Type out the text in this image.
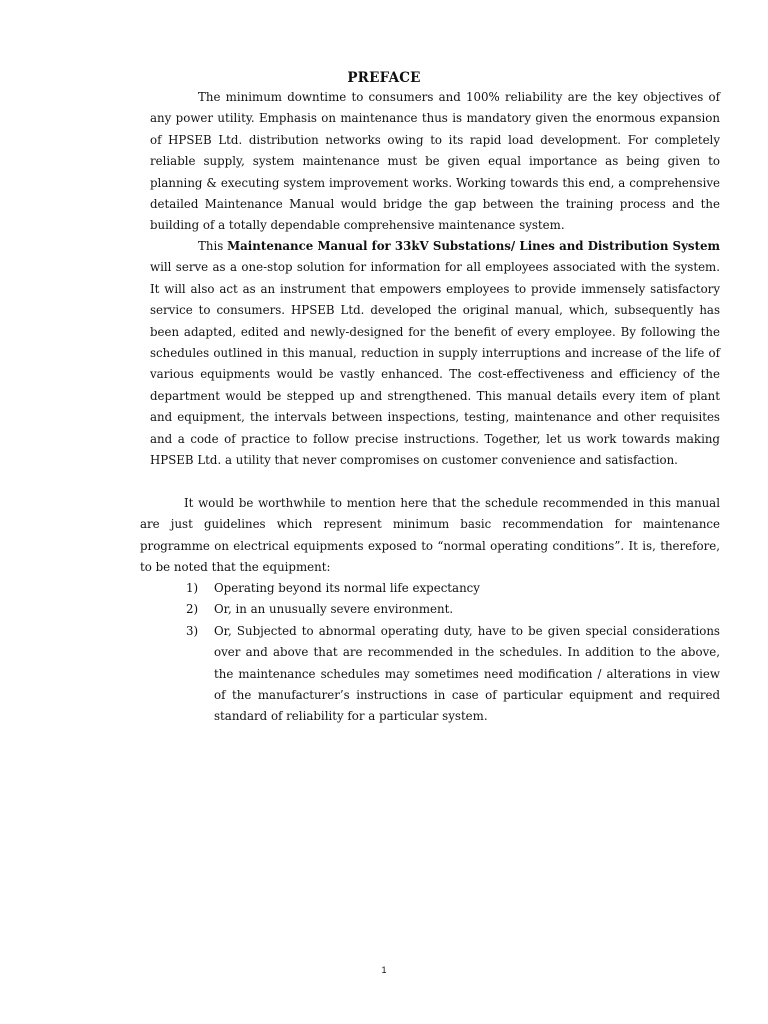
PREFACE

The minimum downtime to consumers and 100% reliability are the key objectives of any power utility. Emphasis on maintenance thus is mandatory given the enormous expansion of HPSEB Ltd. distribution networks owing to its rapid load development. For completely reliable supply, system maintenance must be given equal importance as being given to planning & executing system improvement works. Working towards this end, a comprehensive detailed Maintenance Manual would bridge the gap between the training process and the building of a totally dependable comprehensive maintenance system.

This Maintenance Manual for 33kV Substations/ Lines and Distribution System will serve as a one-stop solution for information for all employees associated with the system. It will also act as an instrument that empowers employees to provide immensely satisfactory service to consumers. HPSEB Ltd. developed the original manual, which, subsequently has been adapted, edited and newly-designed for the benefit of every employee. By following the schedules outlined in this manual, reduction in supply interruptions and increase of the life of various equipments would be vastly enhanced. The cost-effectiveness and efficiency of the department would be stepped up and strengthened. This manual details every item of plant and equipment, the intervals between inspections, testing, maintenance and other requisites and a code of practice to follow precise instructions. Together, let us work towards making HPSEB Ltd. a utility that never compromises on customer convenience and satisfaction.

It would be worthwhile to mention here that the schedule recommended in this manual are just guidelines which represent minimum basic recommendation for maintenance programme on electrical equipments exposed to “normal operating conditions”. It is, therefore, to be noted that the equipment:

1) Operating beyond its normal life expectancy
2) Or, in an unusually severe environment.
3) Or, Subjected to abnormal operating duty, have to be given special considerations over and above that are recommended in the schedules. In addition to the above, the maintenance schedules may sometimes need modification / alterations in view of the manufacturer’s instructions in case of particular equipment and required standard of reliability for a particular system.
1
